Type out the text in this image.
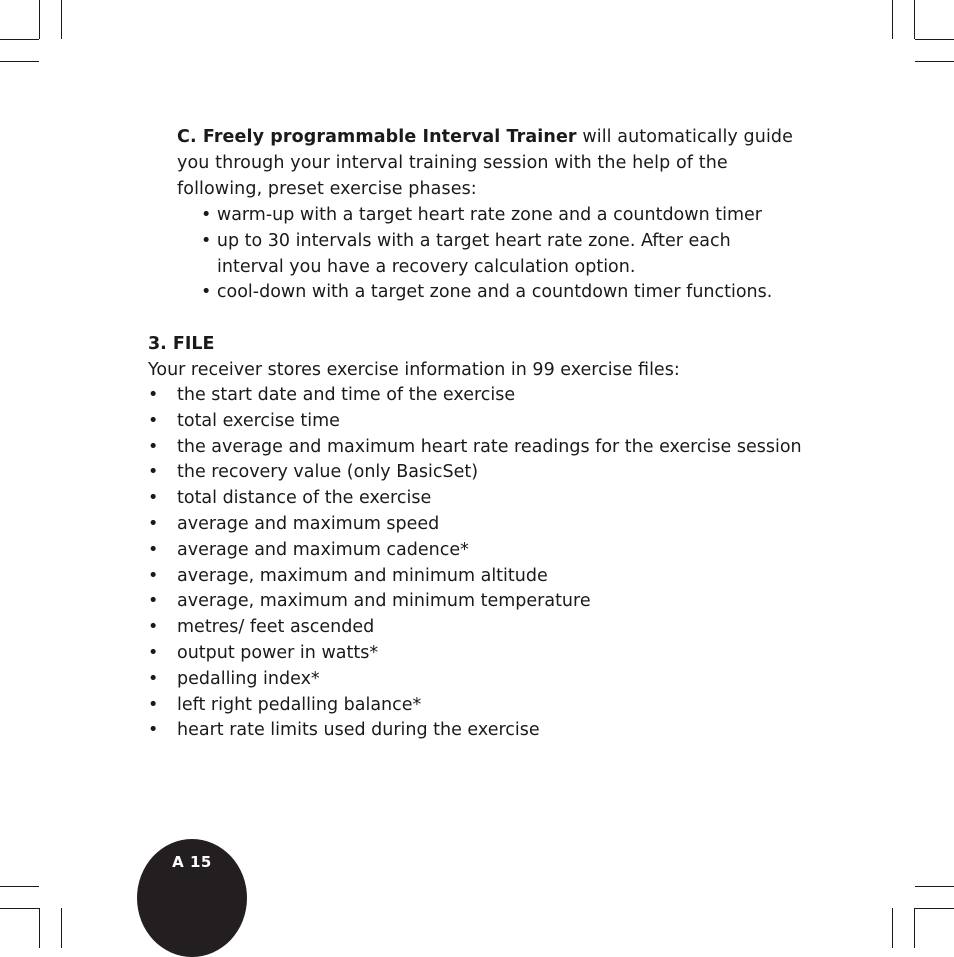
C. Freely programmable Interval Trainer will automatically guide
you through your interval training session with the help of the
following, preset exercise phases:
• warm-up with a target heart rate zone and a countdown timer
• up to 30 intervals with a target heart rate zone. After each
interval you have a recovery calculation option.
• cool-down with a target zone and a countdown timer functions.
3. FILE
Your receiver stores exercise information in 99 exercise files:
• the start date and time of the exercise
• total exercise time
• the average and maximum heart rate readings for the exercise session
• the recovery value (only BasicSet)
• total distance of the exercise
• average and maximum speed
• average and maximum cadence*
• average, maximum and minimum altitude
• average, maximum and minimum temperature
• metres/ feet ascended
• output power in watts*
• pedalling index*
• left right pedalling balance*
• heart rate limits used during the exercise
A 15
